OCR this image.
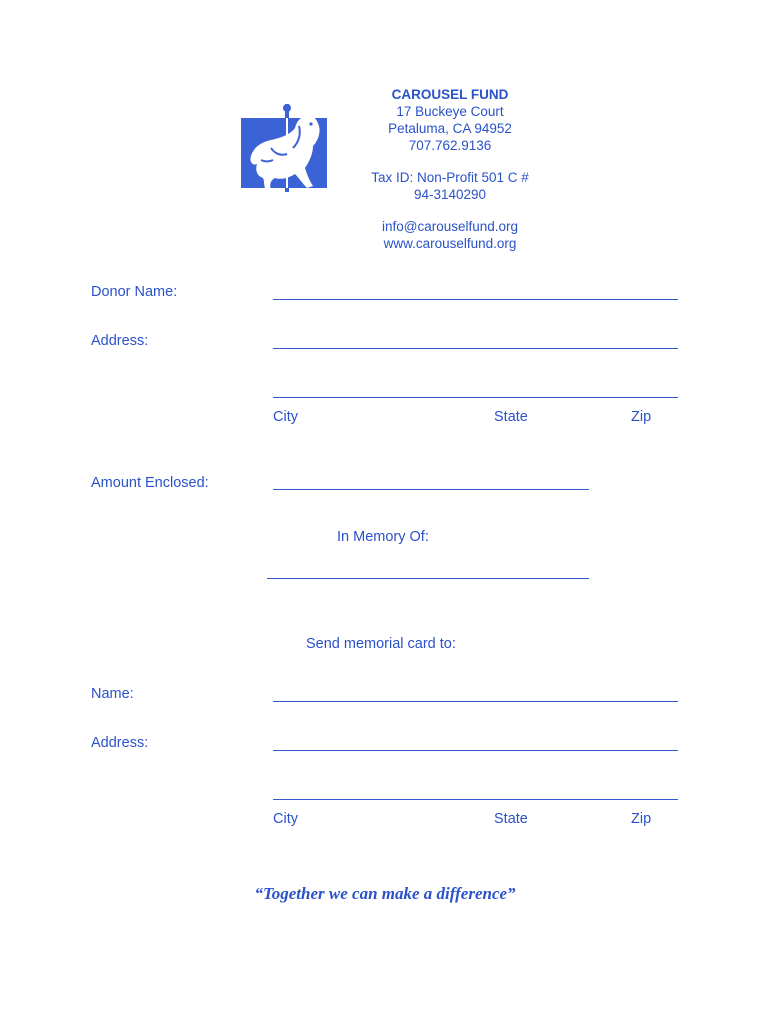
CAROUSEL FUND
17 Buckeye Court
Petaluma, CA 94952
707.762.9136
Tax ID: Non-Profit 501 C #
94-3140290
info@carouselfund.org
www.carouselfund.org
Donor Name:
Address:
City	State	Zip
Amount Enclosed:
In Memory Of:
Send memorial card to:
Name:
Address:
City	State	Zip
“Together we can make a difference”
